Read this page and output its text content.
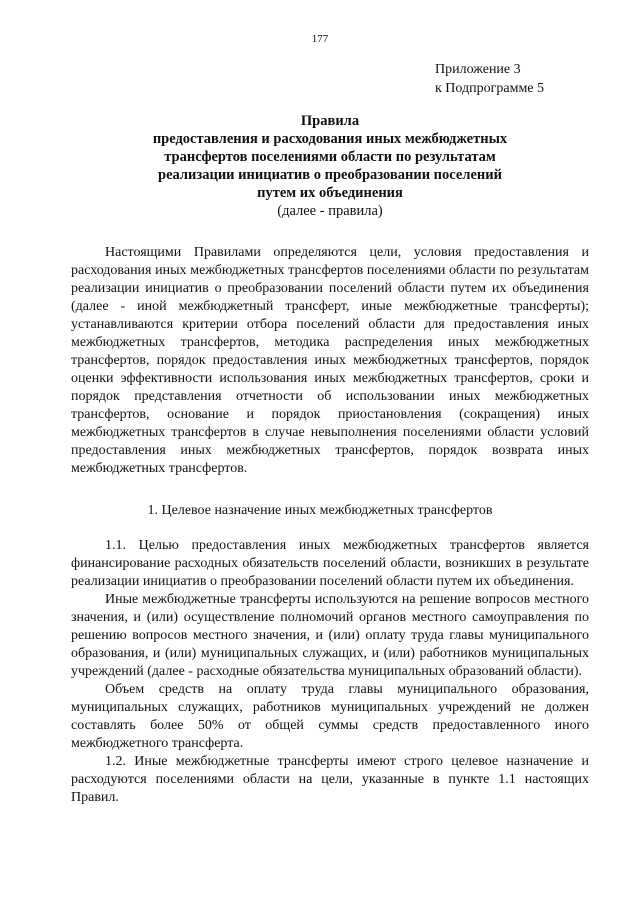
177
Приложение 3
к Подпрограмме 5
Правила
предоставления и расходования иных межбюджетных
трансфертов поселениями области по результатам
реализации инициатив о преобразовании поселений
путем их объединения
(далее - правила)

Настоящими Правилами определяются цели, условия предоставления и расходования иных межбюджетных трансфертов поселениями области по результатам реализации инициатив о преобразовании поселений области путем их объединения (далее - иной межбюджетный трансферт, иные межбюджетные трансферты); устанавливаются критерии отбора поселений области для предоставления иных межбюджетных трансфертов, методика распределения иных межбюджетных трансфертов, порядок предоставления иных межбюджетных трансфертов, порядок оценки эффективности использования иных межбюджетных трансфертов, сроки и порядок представления отчетности об использовании иных межбюджетных трансфертов, основание и порядок приостановления (сокращения) иных межбюджетных трансфертов в случае невыполнения поселениями области условий предоставления иных межбюджетных трансфертов, порядок возврата иных межбюджетных трансфертов.

1. Целевое назначение иных межбюджетных трансфертов

1.1. Целью предоставления иных межбюджетных трансфертов является финансирование расходных обязательств поселений области, возникших в результате реализации инициатив о преобразовании поселений области путем их объединения.

Иные межбюджетные трансферты используются на решение вопросов местного значения, и (или) осуществление полномочий органов местного самоуправления по решению вопросов местного значения, и (или) оплату труда главы муниципального образования, и (или) муниципальных служащих, и (или) работников муниципальных учреждений (далее - расходные обязательства муниципальных образований области).

Объем средств на оплату труда главы муниципального образования, муниципальных служащих, работников муниципальных учреждений не должен составлять более 50% от общей суммы средств предоставленного иного межбюджетного трансферта.

1.2. Иные межбюджетные трансферты имеют строго целевое назначение и расходуются поселениями области на цели, указанные в пункте 1.1 настоящих Правил.
